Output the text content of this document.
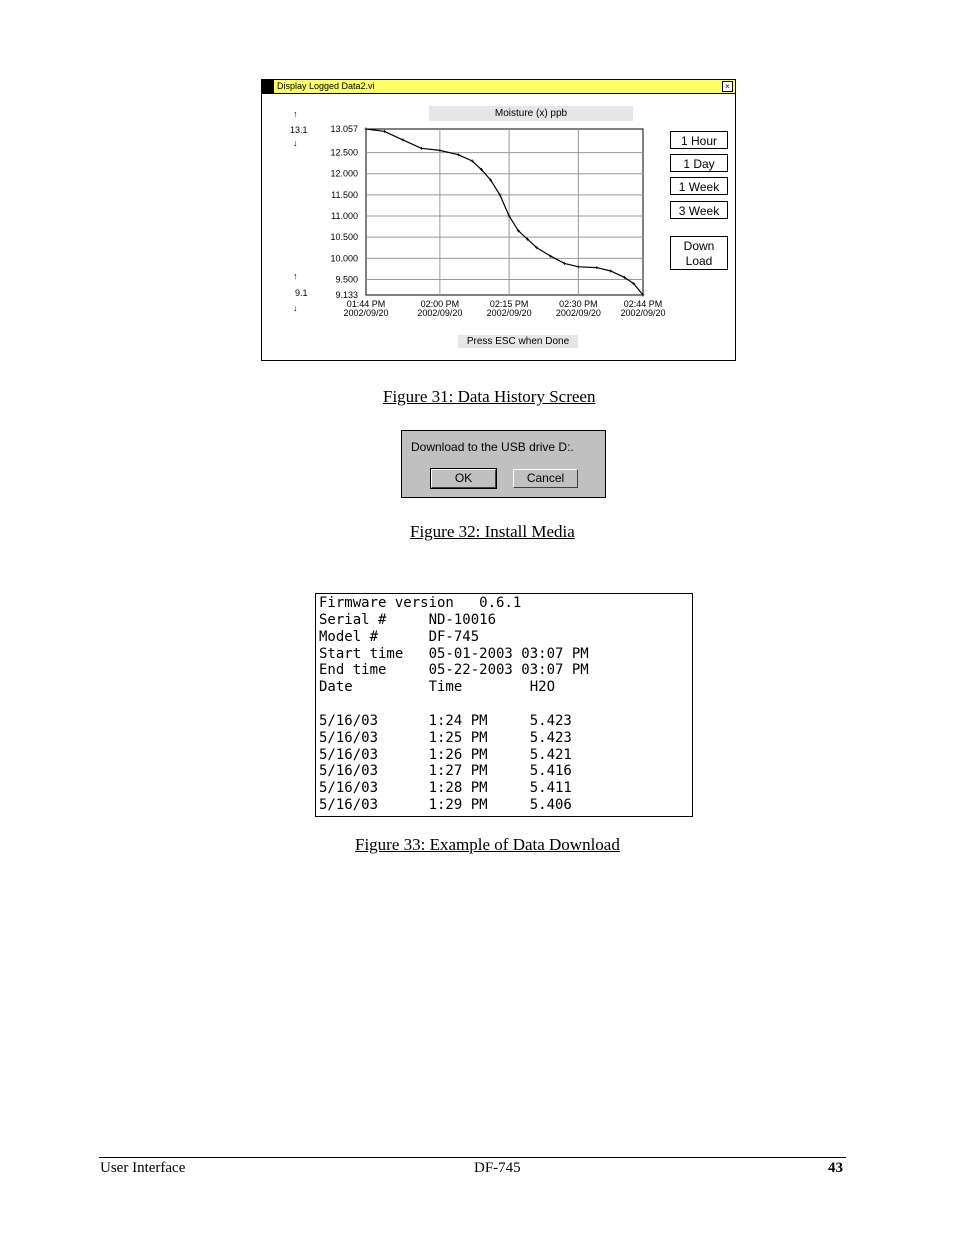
Display Logged Data2.vi	×
Moisture (x) ppb
↑
13.1
↓
↑
9.1
↓
13.057
12.500
12.000
11.500
11.000
10.500
10.000
9.500
9.133
01:44 PM
2002/09/20
02:00 PM
2002/09/20
02:15 PM
2002/09/20
02:30 PM
2002/09/20
02:44 PM
2002/09/20
1 Hour
1 Day
1 Week
3 Week
Down
Load
Press ESC when Done
Figure 31: Data History Screen
Download to the USB drive D:.
OK	Cancel
Figure 32: Install Media
Firmware version   0.6.1
Serial #     ND-10016
Model #      DF-745
Start time   05-01-2003 03:07 PM
End time     05-22-2003 03:07 PM
Date         Time        H2O
5/16/03      1:24 PM     5.423
5/16/03      1:25 PM     5.423
5/16/03      1:26 PM     5.421
5/16/03      1:27 PM     5.416
5/16/03      1:28 PM     5.411
5/16/03      1:29 PM     5.406
Figure 33: Example of Data Download
User Interface	DF-745	43
